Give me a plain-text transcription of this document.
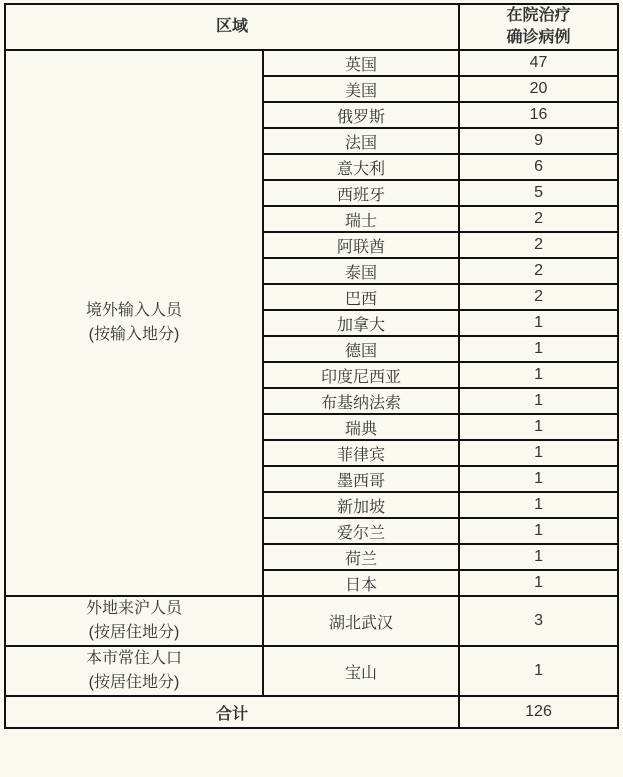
区域		在院治疗
确诊病例

境外输入人员
(按输入地分)	英国	47
	美国	20
	俄罗斯	16
	法国	9
	意大利	6
	西班牙	5
	瑞士	2
	阿联酋	2
	泰国	2
	巴西	2
	加拿大	1
	德国	1
	印度尼西亚	1
	布基纳法索	1
	瑞典	1
	菲律宾	1
	墨西哥	1
	新加坡	1
	爱尔兰	1
	荷兰	1
	日本	1

外地来沪人员
(按居住地分)	湖北武汉	3

本市常住人口
(按居住地分)	宝山	1
合计		126
